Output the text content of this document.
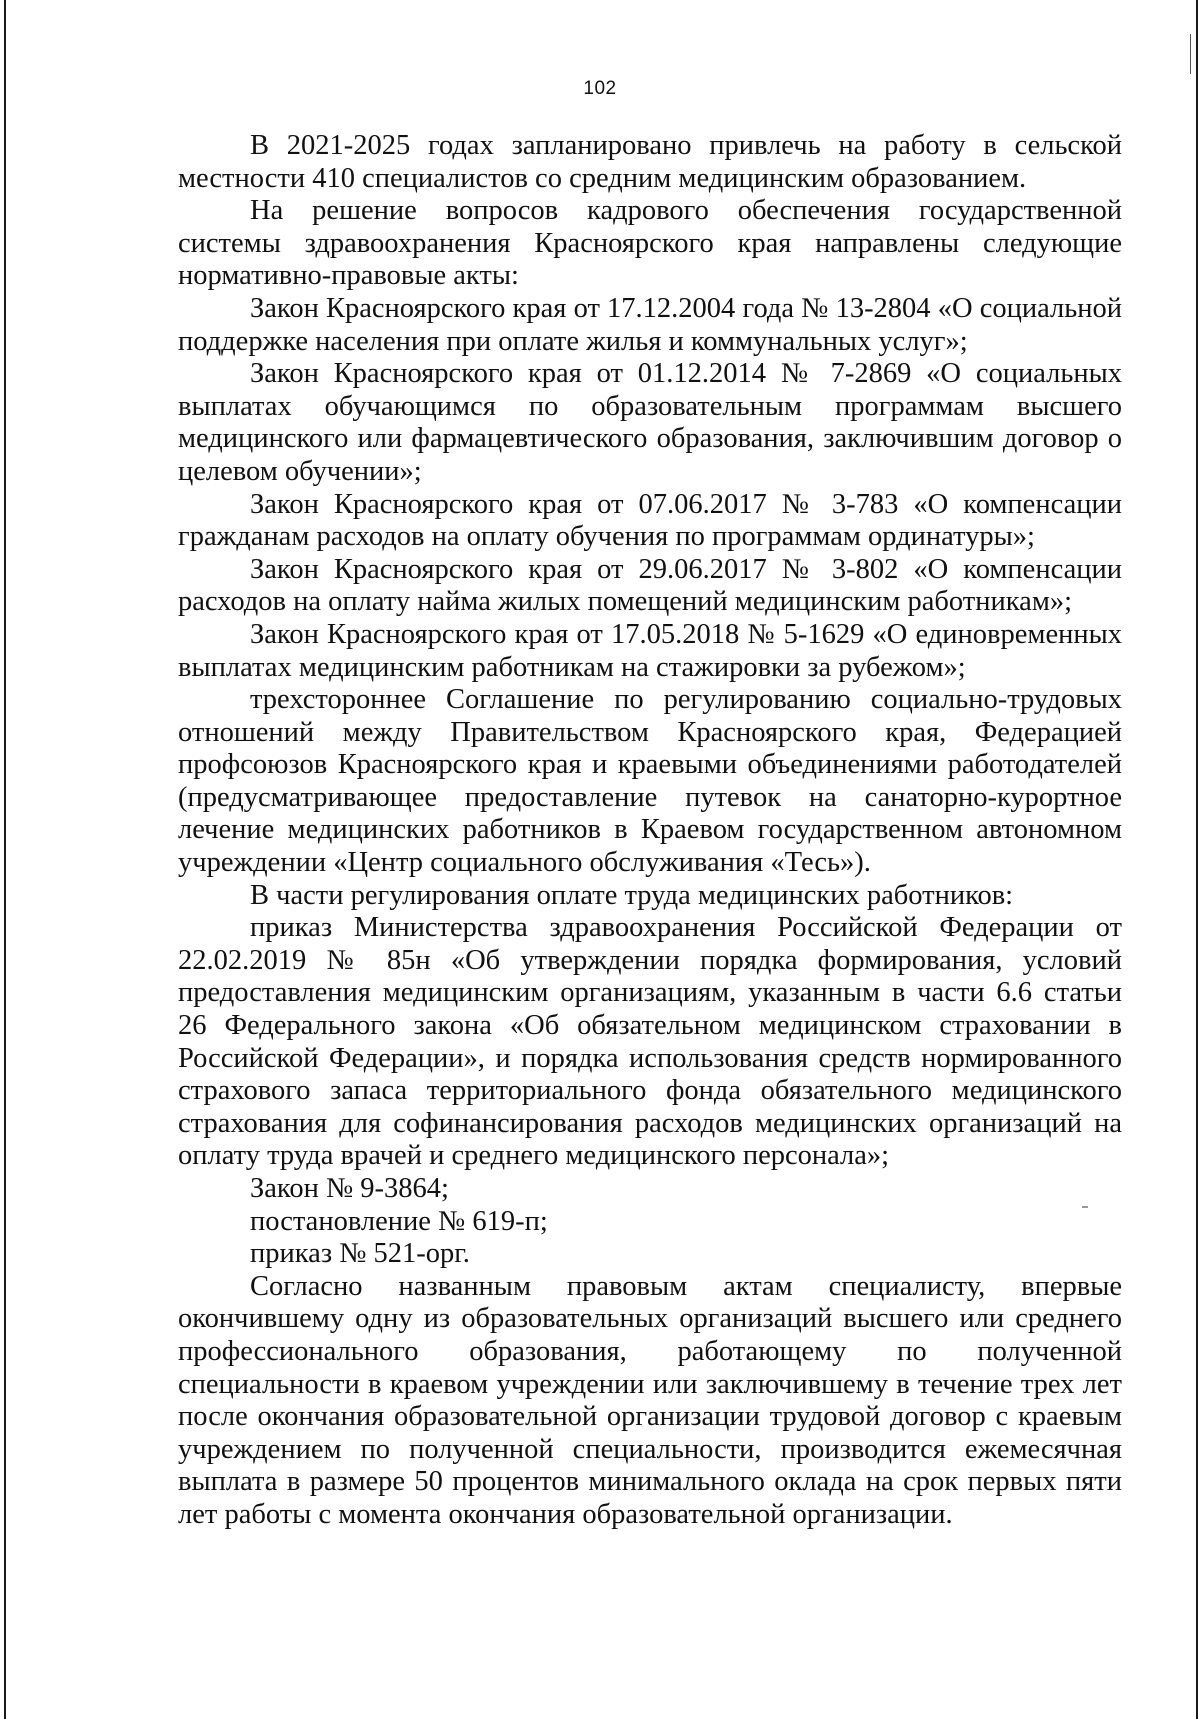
102

В 2021-2025 годах запланировано привлечь на работу в сельской местности 410 специалистов со средним медицинским образованием.

На решение вопросов кадрового обеспечения государственной системы здравоохранения Красноярского края направлены следующие нормативно-правовые акты:

Закон Красноярского края от 17.12.2004 года № 13-2804 «О социальной поддержке населения при оплате жилья и коммунальных услуг»;

Закон Красноярского края от 01.12.2014 № 7-2869 «О социальных выплатах обучающимся по образовательным программам высшего медицинского или фармацевтического образования, заключившим договор о целевом обучении»;

Закон Красноярского края от 07.06.2017 № 3-783 «О компенсации гражданам расходов на оплату обучения по программам ординатуры»;

Закон Красноярского края от 29.06.2017 № 3-802 «О компенсации расходов на оплату найма жилых помещений медицинским работникам»;

Закон Красноярского края от 17.05.2018 № 5-1629 «О единовременных выплатах медицинским работникам на стажировки за рубежом»;

трехстороннее Соглашение по регулированию социально-трудовых отношений между Правительством Красноярского края, Федерацией профсоюзов Красноярского края и краевыми объединениями работодателей (предусматривающее предоставление путевок на санаторно-курортное лечение медицинских работников в Краевом государственном автономном учреждении «Центр социального обслуживания «Тесь»).

В части регулирования оплате труда медицинских работников:

приказ Министерства здравоохранения Российской Федерации от 22.02.2019 № 85н «Об утверждении порядка формирования, условий предоставления медицинским организациям, указанным в части 6.6 статьи 26 Федерального закона «Об обязательном медицинском страховании в Российской Федерации», и порядка использования средств нормированного страхового запаса территориального фонда обязательного медицинского страхования для софинансирования расходов медицинских организаций на оплату труда врачей и среднего медицинского персонала»;

Закон № 9-3864;

постановление № 619-п;

приказ № 521-орг.

Согласно названным правовым актам специалисту, впервые окончившему одну из образовательных организаций высшего или среднего профессионального образования, работающему по полученной специальности в краевом учреждении или заключившему в течение трех лет после окончания образовательной организации трудовой договор с краевым учреждением по полученной специальности, производится ежемесячная выплата в размере 50 процентов минимального оклада на срок первых пяти лет работы с момента окончания образовательной организации.
